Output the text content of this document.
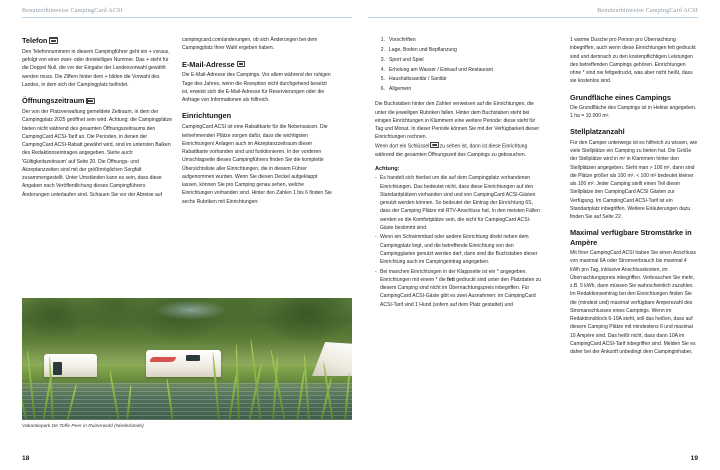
Benutzerhinweise CampingCard ACSI	Benutzerhinweise CampingCard ACSI
Telefon

Den Telefonnummern in diesem Campingführer geht ein + voraus, gefolgt von einer zwei- oder dreistelligen Nummer. Das + steht für die Doppel Null, die vor der Eingabe der Landesvorwahl gewählt werden muss. Die Ziffern hinter dem + bilden die Vorwahl des Landes, in dem sich der Campingplatz befindet.

Öffnungszeitraum

Der von der Platzverwaltung gemeldete Zeitraum, in dem der Campingplatz 2025 geöffnet sein wird. Achtung: die Campingplätze bieten nicht während des gesamten Öffnungszeitraums den CampingCard ACSI-Tarif an. Die Perioden, in denen der CampingCard ACSI-Rabatt gewährt wird, sind im untersten Balken des Redaktionseintrages angegeben. Siehe auch: 'Gültigkeitszeitraum' auf Seite 20. Die Öffnungs- und Akzeptanzzeiten sind mit der größtmöglichen Sorgfalt zusammengestellt. Unter Umständen kann es sein, dass diese Angaben nach Veröffentlichung dieses Campingführers Änderungen unterlaufen sind. Schauen Sie vor der Abreise auf

campingcard.com/anderungen, ob sich Änderungen bei dem Campingplatz Ihrer Wahl ergeben haben.

E-Mail-Adresse

Die E-Mail-Adresse des Campings. Vor allem während der ruhigen Tage des Jahres, wenn die Rezeption nicht durchgehend besetzt ist, erweist sich die E-Mail-Adresse für Reservierungen oder die Anfrage von Informationen als hilfreich.

Einrichtungen

CampingCard ACSI ist eine Rabattkarte für die Nebensaison. Die teilnehmenden Plätze sorgen dafür, dass die wichtigsten Einrichtungen/ Anlagen auch im Akzeptanzzeitraum dieser Rabattkarte vorhanden sind und funktionieren. In der vorderen Umschlagseite dieses Campingführers finden Sie die komplette Übersichtsliste aller Einrichtungen, die in diesem Führer aufgenommen wurden. Wenn Sie diesen Deckel aufgeklappt lassen, können Sie pro Camping genau sehen, welche Einrichtungen vorhanden sind. Hinter den Zahlen 1 bis 6 finden Sie sechs Rubriken mit Einrichtungen:

1. Vorschriften
2. Lage, Boden und Bepflanzung
3. Sport und Spiel
4. Erholung am Wasser / Einkauf und Restaurant
5. Haushaltssanitär / Sanitär
6. Allgemein

Die Buchstaben hinter den Zahlen verweisen auf die Einrichtungen, die unter die jeweiligen Rubriken fallen. Hinter dem Buchstaben steht bei einigen Einrichtungen in Klammern eine weitere Periode: diese steht für Tag und Monat. In dieser Periode können Sie mit der Verfügbarkeit dieser Einrichtungen rechnen.

Wenn dort ein Schlüssel zu sehen ist, dann ist diese Einrichtung während der gesamten Öffnungszeit des Campings zu gebrauchen.

Achtung:
- Es handelt sich hierbei um die auf dem Campingplatz vorhandenen Einrichtungen. Das bedeutet nicht, dass diese Einrichtungen auf den Standardplätzen vorhanden sind und von CampingCard ACSI-Gästen genutzt werden können. So bedeutet der Eintrag der Einrichtung 6S, dass der Camping Plätze mit RTV-Anschluss hat. In den meisten Fällen werden es die Komfortplätze sein, die nicht für CampingCard ACSI-Gäste bestimmt sind.
- Wenn ein Schwimmbad oder andere Einrichtung direkt neben dem Campingplatz liegt, und die betreffende Einrichtung von den Campinggästen genutzt werden darf, dann sind die Buchstaben dieser Einrichtung auch im Campingeintrag angegeben.
- Bei manchen Einrichtungen in der Klappseite ist ein * angegeben. Einrichtungen mit einem * die fett gedruckt sind unter den Platzdaten zu diesem Camping sind nicht im Übernachtungspreis inbegriffen. Für CampingCard ACSI-Gäste gibt es zwei Ausnahmen: im CampingCard ACSI-Tarif sind 1 Hund (sofern auf dem Platz gestattet) und

1 warme Dusche pro Person pro Übernachtung inbegriffen, auch wenn diese Einrichtungen fett gedruckt sind und demnach zu den kostenpflichtigen Leistungen des betreffenden Campings gehören. Einrichtungen ohne * sind nie fettgedruckt, was aber nicht heißt, dass sie kostenlos sind.

Grundfläche eines Campings

Die Grundfläche des Campings ist in Hektar angegeben. 1 ha = 10.000 m².

Stellplatzanzahl

Für den Camper unterwegs ist es hilfreich zu wissen, wie viele Stellplätze ein Camping zu bieten hat. Die Größe der Stellplätze wird in m² in Klammern hinter den Stellplätzen angegeben. Sieht man > 100 m², dann sind die Plätze größer als 100 m². < 100 m² bedeutet kleiner als 100 m². Jeder Camping stellt einen Teil dieser Stellplätze den CampingCard ACSI Gästen zur Verfügung. Im CampingCard ACSI-Tarif ist ein Standartplatz inbegriffen. Weitere Erläuterungen dazu finden Sie auf Seite 22.

Maximal verfügbare Stromstärke in Ampère

Mit Ihrer CampingCard ACSI haben Sie einen Anschluss von maximal 6A oder Stromverbrauch bis maximal 4 kWh pro Tag, inklusive Anschlusskosten, im Übernachtungspreis inbegriffen. Verbrauchen Sie mehr, z.B. 5 kWh, dann müssen Sie wahrscheinlich zuzahlen. Im Redaktionseintrag bei den Einrichtungen finden Sie die (mindest und) maximal verfügbare Amperezahl des Stromanschlusses eines Campings. Wenn im Redaktionsblock 6-10A steht, soll das heißen, dass auf diesem Camping Plätze mit mindestens 6 und maximal 10 Ampère sind. Das heißt nicht, dass dann 10A im CampingCard ACSI-Tarif inbegriffen sind. Melden Sie es daher bei der Ankunft unbedingt dem Campinginhaber,

Vakantiepark De Toffe Peer in Ruinerwold (Niederlande)
18	19
